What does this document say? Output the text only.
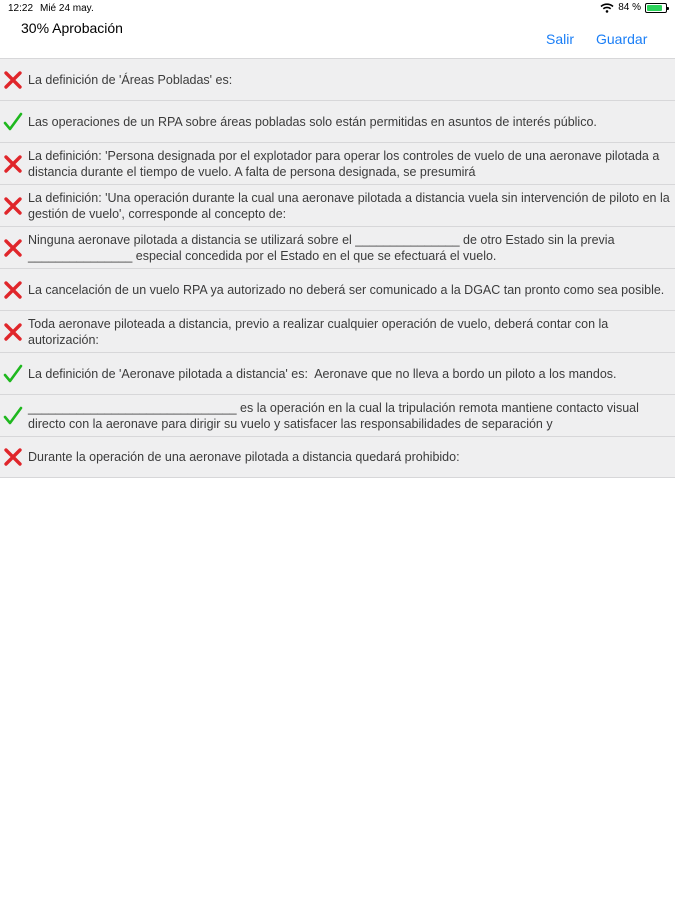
12:22 Mié 24 may.	84 %
30% Aprobación
Salir Guardar
La definición de 'Áreas Pobladas' es:
Las operaciones de un RPA sobre áreas pobladas solo están permitidas en asuntos de interés público.
La definición: 'Persona designada por el explotador para operar los controles de vuelo de una aeronave pilotada a distancia durante el tiempo de vuelo. A falta de persona designada, se presumirá
La definición: 'Una operación durante la cual una aeronave pilotada a distancia vuela sin intervención de piloto en la gestión de vuelo', corresponde al concepto de:
Ninguna aeronave pilotada a distancia se utilizará sobre el _______________ de otro Estado sin la previa _______________ especial concedida por el Estado en el que se efectuará el vuelo.
La cancelación de un vuelo RPA ya autorizado no deberá ser comunicado a la DGAC tan pronto como sea posible.
Toda aeronave piloteada a distancia, previo a realizar cualquier operación de vuelo, deberá contar con la autorización:
La definición de 'Aeronave pilotada a distancia' es:  Aeronave que no lleva a bordo un piloto a los mandos.
______________________________ es la operación en la cual la tripulación remota mantiene contacto visual directo con la aeronave para dirigir su vuelo y satisfacer las responsabilidades de separación y
Durante la operación de una aeronave pilotada a distancia quedará prohibido:
